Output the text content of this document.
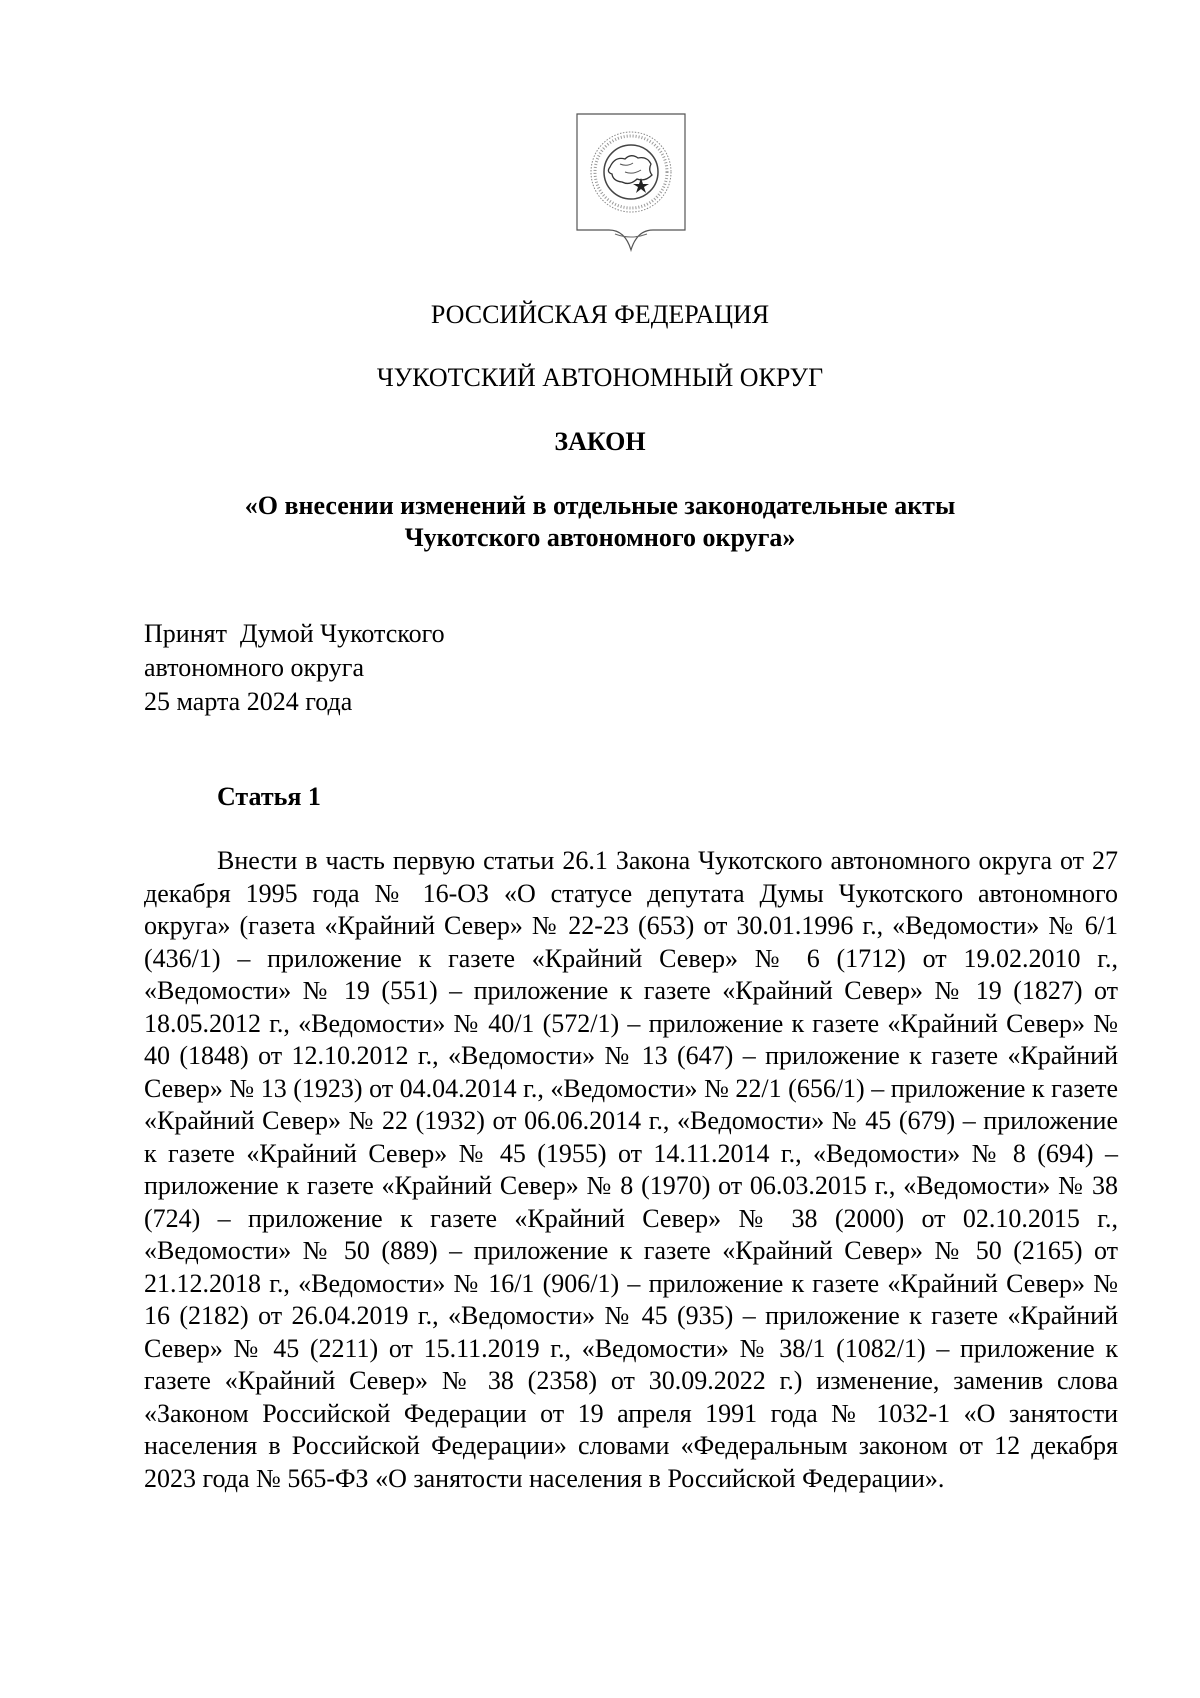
РОССИЙСКАЯ ФЕДЕРАЦИЯ
ЧУКОТСКИЙ АВТОНОМНЫЙ ОКРУГ
ЗАКОН
«О внесении изменений в отдельные законодательные акты
Чукотского автономного округа»
Принят  Думой Чукотского
автономного округа
25 марта 2024 года
Статья 1

Внести в часть первую статьи 26.1 Закона Чукотского автономного округа от 27 декабря 1995 года № 16-ОЗ «О статусе депутата Думы Чукотского автономного округа» (газета «Крайний Север» № 22-23 (653) от 30.01.1996 г., «Ведомости» № 6/1 (436/1) – приложение к газете «Крайний Север» № 6 (1712) от 19.02.2010 г., «Ведомости» № 19 (551) – приложение к газете «Крайний Север» № 19 (1827) от 18.05.2012 г., «Ведомости» № 40/1 (572/1) – приложение к газете «Крайний Север» № 40 (1848) от 12.10.2012 г., «Ведомости» № 13 (647) – приложение к газете «Крайний Север» № 13 (1923) от 04.04.2014 г., «Ведомости» № 22/1 (656/1) – приложение к газете «Крайний Север» № 22 (1932) от 06.06.2014 г., «Ведомости» № 45 (679) – приложение к газете «Крайний Север» № 45 (1955) от 14.11.2014 г., «Ведомости» № 8 (694) – приложение к газете «Крайний Север» № 8 (1970) от 06.03.2015 г., «Ведомости» № 38 (724) – приложение к газете «Крайний Север» № 38 (2000) от 02.10.2015 г., «Ведомости» № 50 (889) – приложение к газете «Крайний Север» № 50 (2165) от 21.12.2018 г., «Ведомости» № 16/1 (906/1) – приложение к газете «Крайний Север» № 16 (2182) от 26.04.2019 г., «Ведомости» № 45 (935) – приложение к газете «Крайний Север» № 45 (2211) от 15.11.2019 г., «Ведомости» № 38/1 (1082/1) – приложение к газете «Крайний Север» № 38 (2358) от 30.09.2022 г.) изменение, заменив слова «Законом Российской Федерации от 19 апреля 1991 года № 1032-1 «О занятости населения в Российской Федерации» словами «Федеральным законом от 12 декабря 2023 года № 565-ФЗ «О занятости населения в Российской Федерации».
